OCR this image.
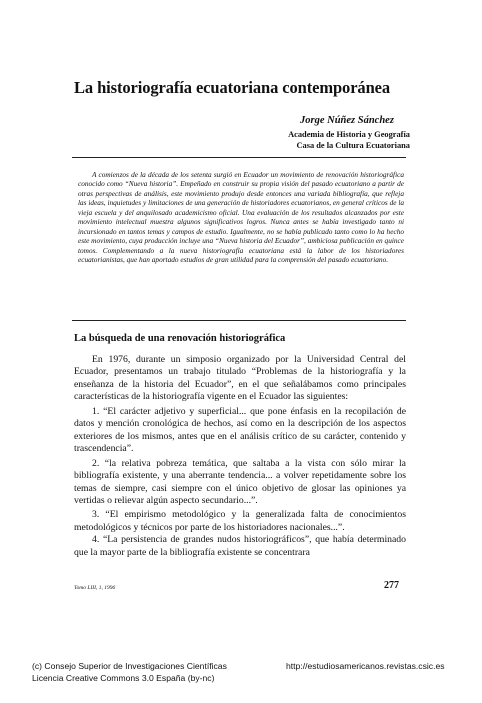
La historiografía ecuatoriana contemporánea
Jorge Núñez Sánchez
Academia de Historia y Geografía
Casa de la Cultura Ecuatoriana

A comienzos de la década de los setenta surgió en Ecuador un movimiento de renovación historiográfica conocido como “Nueva historia”. Empeñado en construir su propia visión del pasado ecuatoriano a partir de otras perspectivas de análisis, este movimiento produjo desde entonces una variada bibliografía, que refleja las ideas, inquietudes y limitaciones de una generación de historiadores ecuatorianos, en general críticos de la vieja escuela y del anquilosado academicismo oficial. Una evaluación de los resultados alcanzados por este movimiento intelectual muestra algunos significativos logros. Nunca antes se había investigado tanto ni incursionado en tantos temas y campos de estudio. Igualmente, no se había publicado tanto como lo ha hecho este movimiento, cuya producción incluye una “Nueva historia del Ecuador”, ambiciosa publicación en quince tomos. Complementando a la nueva historiografía ecuatoriana está la labor de los historiadores ecuatorianistas, que han aportado estudios de gran utilidad para la comprensión del pasado ecuatoriano.

La búsqueda de una renovación historiográfica

En 1976, durante un simposio organizado por la Universidad Central del Ecuador, presentamos un trabajo titulado “Problemas de la historiografía y la enseñanza de la historia del Ecuador”, en el que señalábamos como principales características de la historiografía vigente en el Ecuador las siguientes:

1. “El carácter adjetivo y superficial... que pone énfasis en la recopilación de datos y mención cronológica de hechos, así como en la descripción de los aspectos exteriores de los mismos, antes que en el análisis crítico de su carácter, contenido y trascendencia”.

2. “la relativa pobreza temática, que saltaba a la vista con sólo mirar la bibliografía existente, y una aberrante tendencia... a volver repetidamente sobre los temas de siempre, casi siempre con el único objetivo de glosar las opiniones ya vertidas o relievar algún aspecto secundario...”.

3. “El empirismo metodológico y la generalizada falta de conocimientos metodológicos y técnicos por parte de los historiadores nacionales...”.

4. “La persistencia de grandes nudos historiográficos”, que había determinado que la mayor parte de la bibliografía existente se concentrara

Tomo LIII, 1, 1996	277
(c) Consejo Superior de Investigaciones Científicas
Licencia Creative Commons 3.0 España (by-nc)
http://estudiosamericanos.revistas.csic.es
